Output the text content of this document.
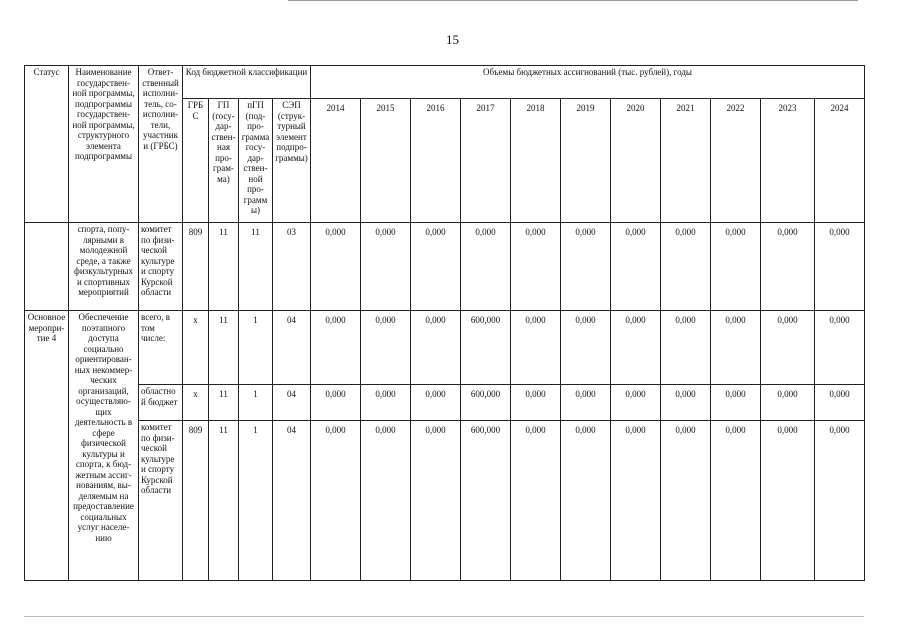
15
Статус	Наименование государствен-ной программы, подпрограммы государствен-ной программы, структурного элемента подпрограммы	Ответ-ственный исполни-тель, со-исполни-тели, участники (ГРБС)	Код бюджетной классификации				Объемы бюджетных ассигнований (тыс. рублей), годы										
			ГРБ С	ГП (госу-дар-ствен-ная про-грам-ма)	пГП (под-про-грамма госу-дар-ствен-ной про-граммы)	СЭП (струк-турный элемент подпро-граммы)	2014	2015	2016	2017	2018	2019	2020	2021	2022	2023	2024
	спорта, попу-лярными в молодежной среде, а также физкультурных и спортивных мероприятий	комитет по физи-ческой культуре и спорту Курской области	809	11	11	03	0,000	0,000	0,000	0,000	0,000	0,000	0,000	0,000	0,000	0,000	0,000
Основное меропри-тие 4	Обеспечение поэтапного доступа социально ориентирован-ных некоммер-ческих организаций, осуществляю-щих деятельность в сфере физической культуры и спорта, к бюд-жетным ассиг-нованиям, вы-деляемым на предоставление социальных услуг населе-нию	всего, в том числе:	x	11	1	04	0,000	0,000	0,000	600,000	0,000	0,000	0,000	0,000	0,000	0,000	0,000
		областной бюджет	x	11	1	04	0,000	0,000	0,000	600,000	0,000	0,000	0,000	0,000	0,000	0,000	0,000
		комитет по физи-ческой культуре и спорту Курской области	809	11	1	04	0,000	0,000	0,000	600,000	0,000	0,000	0,000	0,000	0,000	0,000	0,000
